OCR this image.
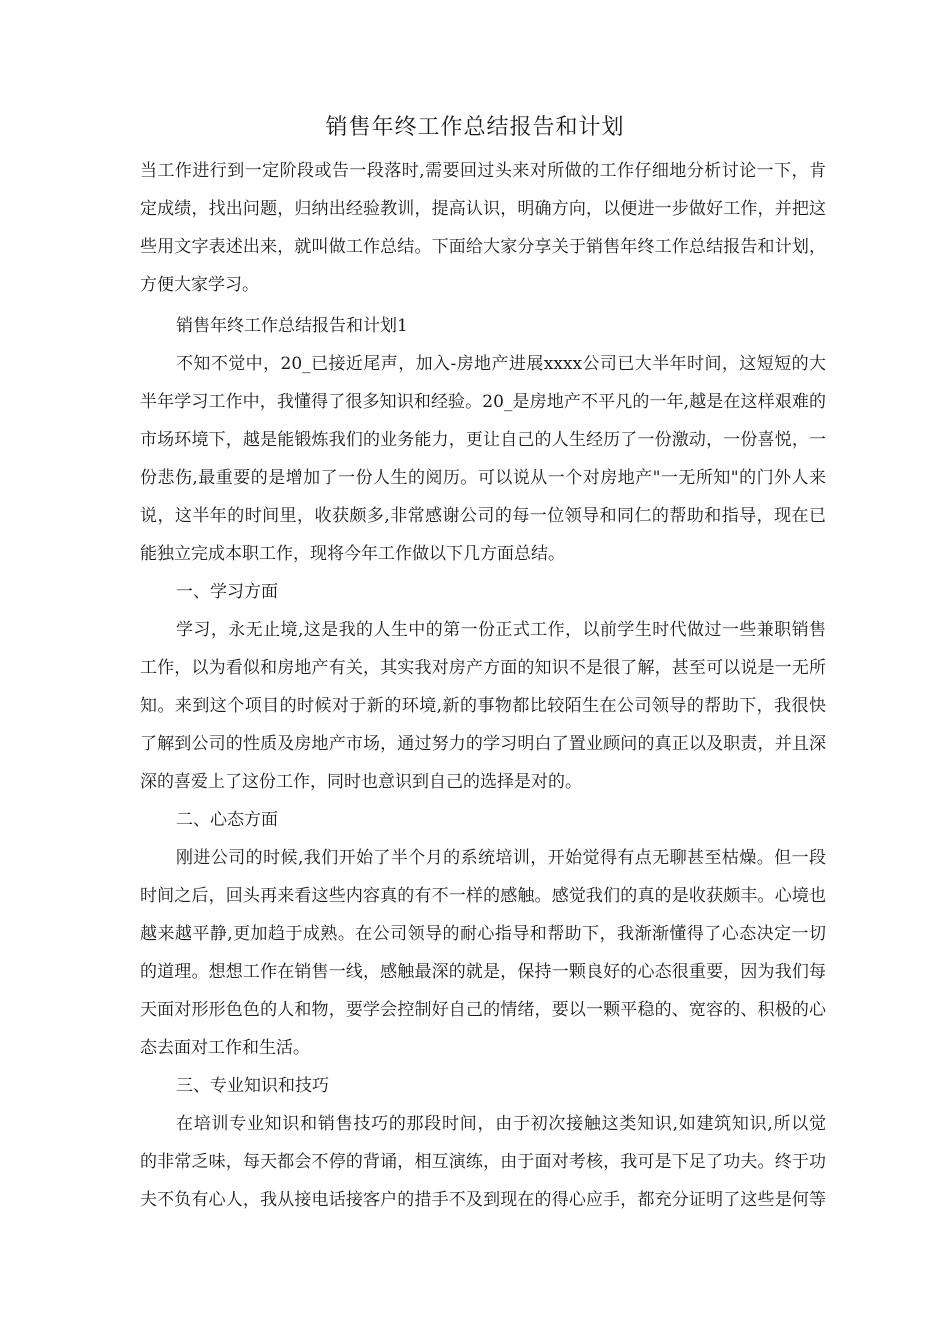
销售年终工作总结报告和计划
当工作进行到一定阶段或告一段落时,需要回过头来对所做的工作仔细地分析讨论一下，肯
定成绩，找出问题，归纳出经验教训，提高认识，明确方向，以便进一步做好工作，并把这
些用文字表述出来，就叫做工作总结。下面给大家分享关于销售年终工作总结报告和计划，
方便大家学习。
销售年终工作总结报告和计划1
不知不觉中，20_已接近尾声，加入-房地产进展xxxx公司已大半年时间，这短短的大
半年学习工作中，我懂得了很多知识和经验。20_是房地产不平凡的一年,越是在这样艰难的
市场环境下，越是能锻炼我们的业务能力，更让自己的人生经历了一份激动，一份喜悦，一
份悲伤,最重要的是增加了一份人生的阅历。可以说从一个对房地产"一无所知"的门外人来
说，这半年的时间里，收获颇多,非常感谢公司的每一位领导和同仁的帮助和指导，现在已
能独立完成本职工作，现将今年工作做以下几方面总结。
一、学习方面
学习，永无止境,这是我的人生中的第一份正式工作，以前学生时代做过一些兼职销售
工作，以为看似和房地产有关，其实我对房产方面的知识不是很了解，甚至可以说是一无所
知。来到这个项目的时候对于新的环境,新的事物都比较陌生在公司领导的帮助下，我很快
了解到公司的性质及房地产市场，通过努力的学习明白了置业顾问的真正以及职责，并且深
深的喜爱上了这份工作，同时也意识到自己的选择是对的。
二、心态方面
刚进公司的时候,我们开始了半个月的系统培训，开始觉得有点无聊甚至枯燥。但一段
时间之后，回头再来看这些内容真的有不一样的感触。感觉我们的真的是收获颇丰。心境也
越来越平静,更加趋于成熟。在公司领导的耐心指导和帮助下，我渐渐懂得了心态决定一切
的道理。想想工作在销售一线，感触最深的就是，保持一颗良好的心态很重要，因为我们每
天面对形形色色的人和物，要学会控制好自己的情绪，要以一颗平稳的、宽容的、积极的心
态去面对工作和生活。
三、专业知识和技巧
在培训专业知识和销售技巧的那段时间，由于初次接触这类知识,如建筑知识,所以觉
的非常乏味，每天都会不停的背诵，相互演练，由于面对考核，我可是下足了功夫。终于功
夫不负有心人，我从接电话接客户的措手不及到现在的得心应手，都充分证明了这些是何等
